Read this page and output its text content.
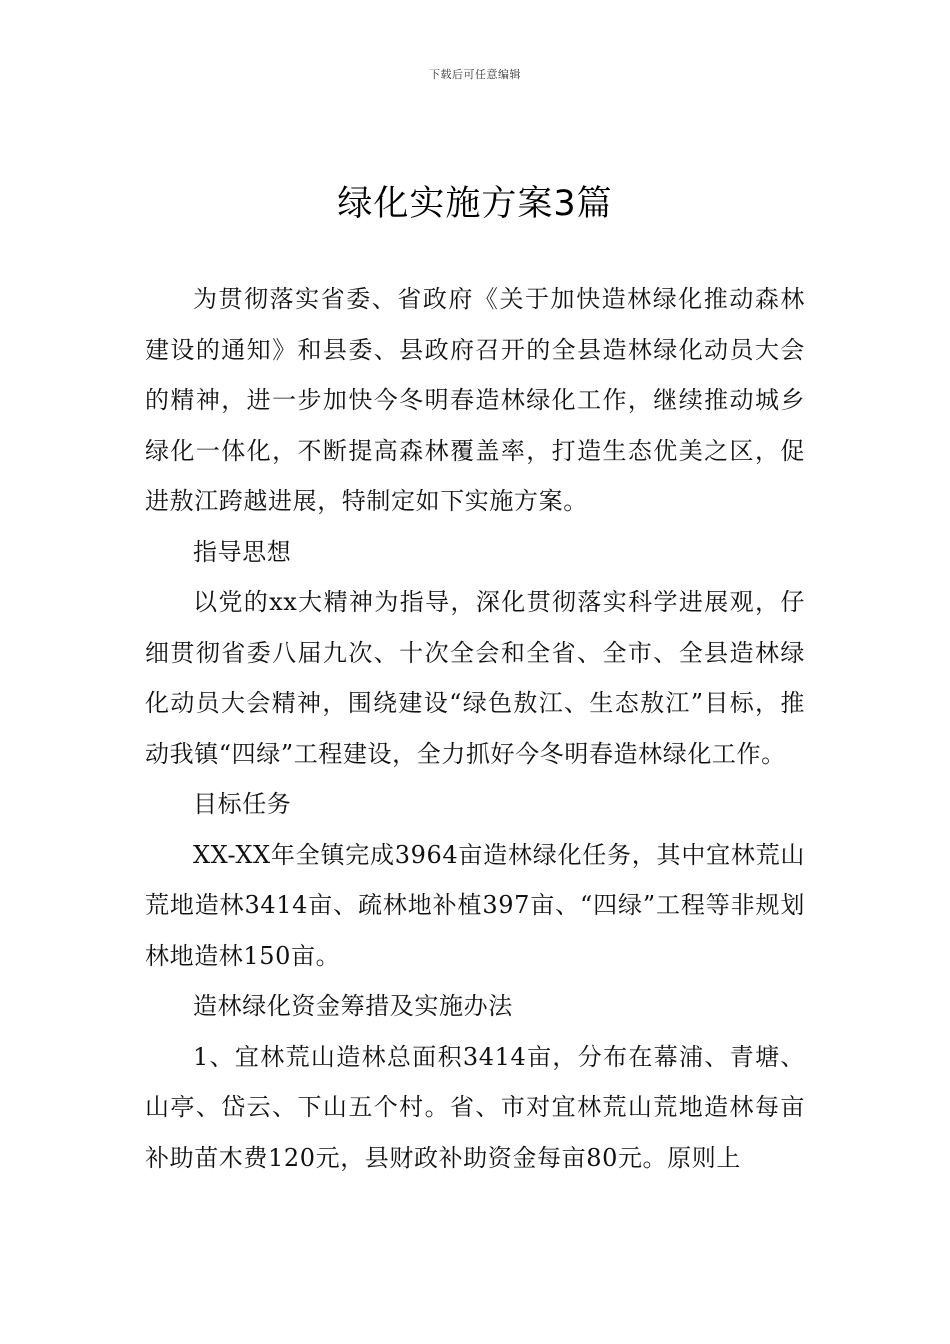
下载后可任意编辑
绿化实施方案3篇

为贯彻落实省委、省政府《关于加快造林绿化推动森林建设的通知》和县委、县政府召开的全县造林绿化动员大会的精神，进一步加快今冬明春造林绿化工作，继续推动城乡绿化一体化，不断提高森林覆盖率，打造生态优美之区，促进敖江跨越进展，特制定如下实施方案。

指导思想

以党的xx大精神为指导，深化贯彻落实科学进展观，仔细贯彻省委八届九次、十次全会和全省、全市、全县造林绿化动员大会精神，围绕建设“绿色敖江、生态敖江”目标，推动我镇“四绿”工程建设，全力抓好今冬明春造林绿化工作。

目标任务

XX-XX年全镇完成3964亩造林绿化任务，其中宜林荒山荒地造林3414亩、疏林地补植397亩、“四绿”工程等非规划林地造林150亩。

造林绿化资金筹措及实施办法

1、宜林荒山造林总面积3414亩，分布在幕浦、青塘、山亭、岱云、下山五个村。省、市对宜林荒山荒地造林每亩补助苗木费120元，县财政补助资金每亩80元。原则上
